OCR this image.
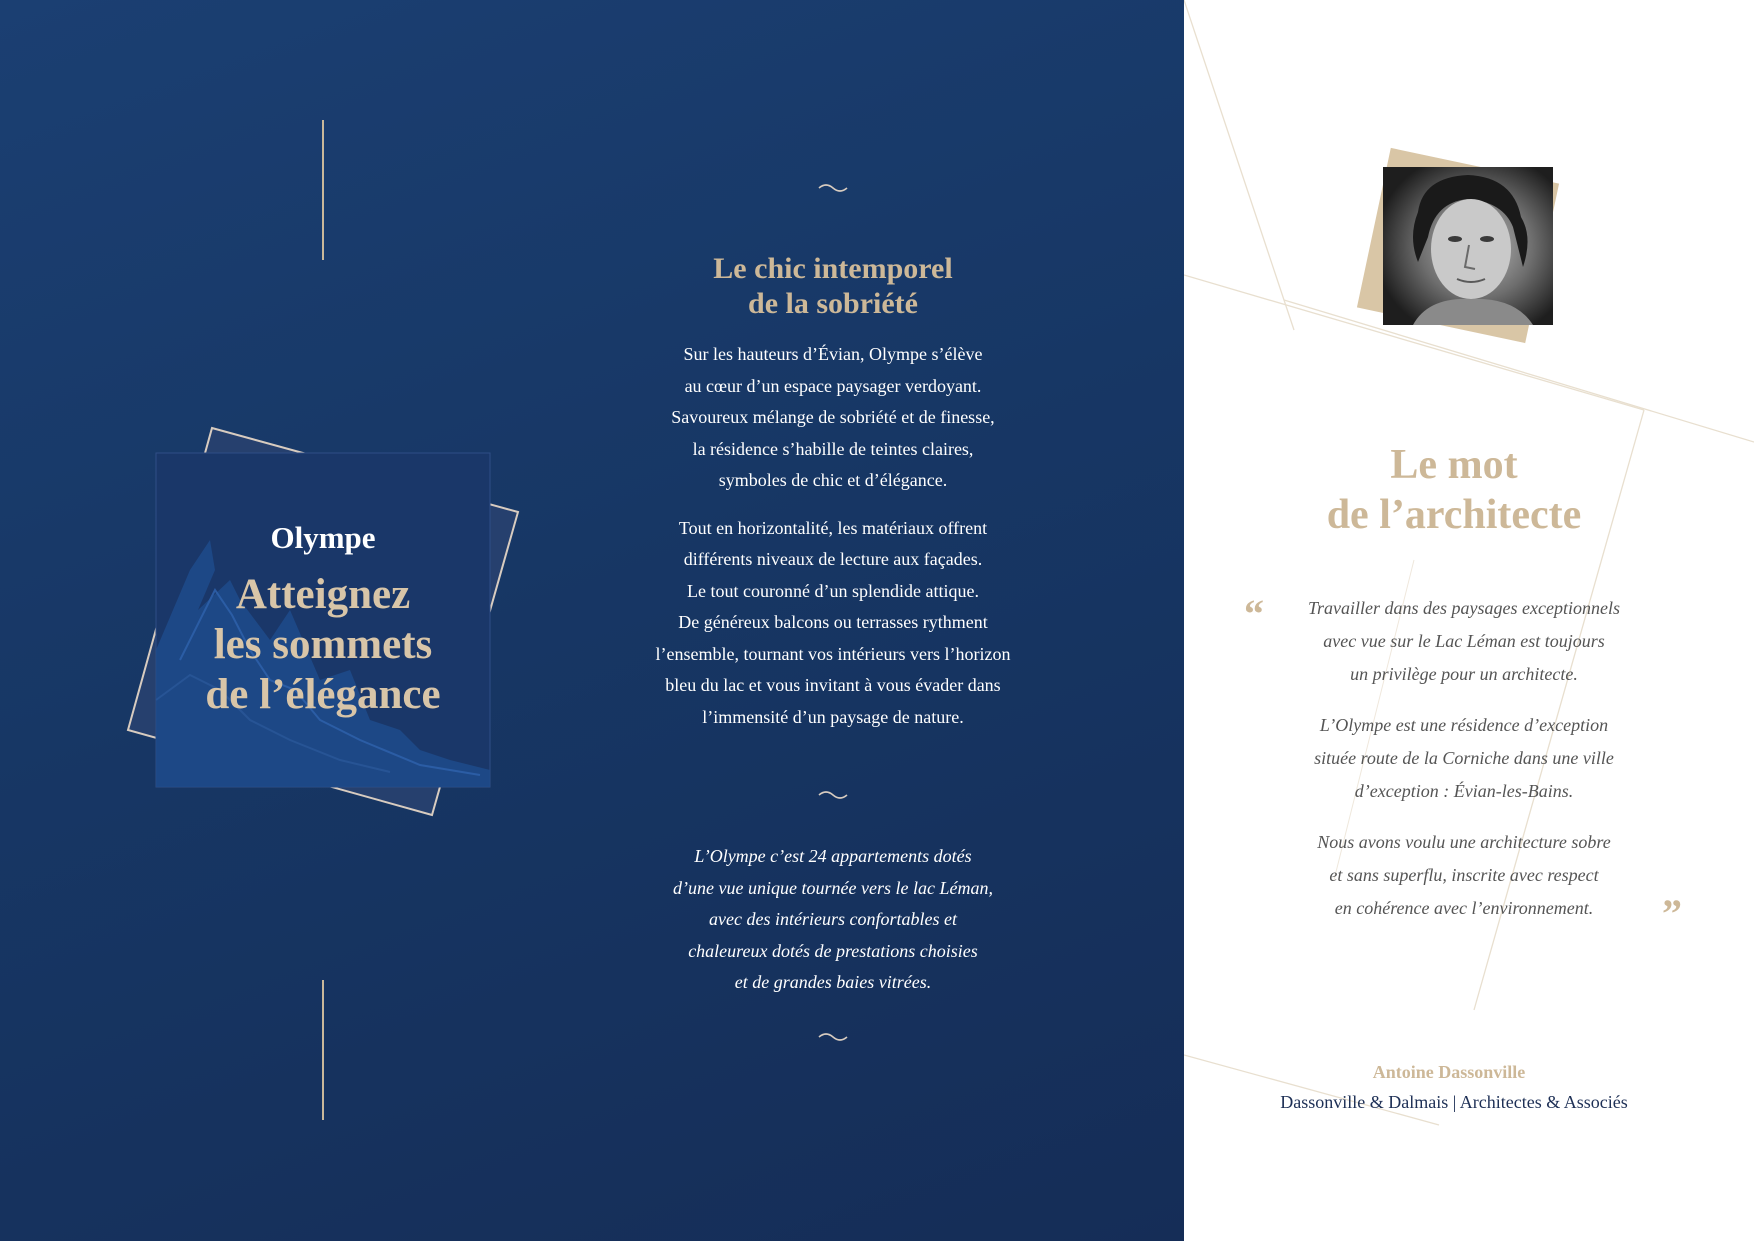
Olympe
Atteignez
les sommets
de l’élégance
Le chic intemporel
de la sobriété
Sur les hauteurs d’Évian, Olympe s’élève
au cœur d’un espace paysager verdoyant.
Savoureux mélange de sobriété et de finesse,
la résidence s’habille de teintes claires,
symboles de chic et d’élégance.
Tout en horizontalité, les matériaux offrent
différents niveaux de lecture aux façades.
Le tout couronné d’un splendide attique.
De généreux balcons ou terrasses rythment
l’ensemble, tournant vos intérieurs vers l’horizon
bleu du lac et vous invitant à vous évader dans
l’immensité d’un paysage de nature.
L’Olympe c’est 24 appartements dotés
d’une vue unique tournée vers le lac Léman,
avec des intérieurs confortables et
chaleureux dotés de prestations choisies
et de grandes baies vitrées.
Le mot
de l’architecte
“
”
Travailler dans des paysages exceptionnels
avec vue sur le Lac Léman est toujours
un privilège pour un architecte.
L’Olympe est une résidence d’exception
située route de la Corniche dans une ville
d’exception : Évian-les-Bains.
Nous avons voulu une architecture sobre
et sans superflu, inscrite avec respect
en cohérence avec l’environnement.
Antoine Dassonville
Dassonville & Dalmais | Architectes & Associés
